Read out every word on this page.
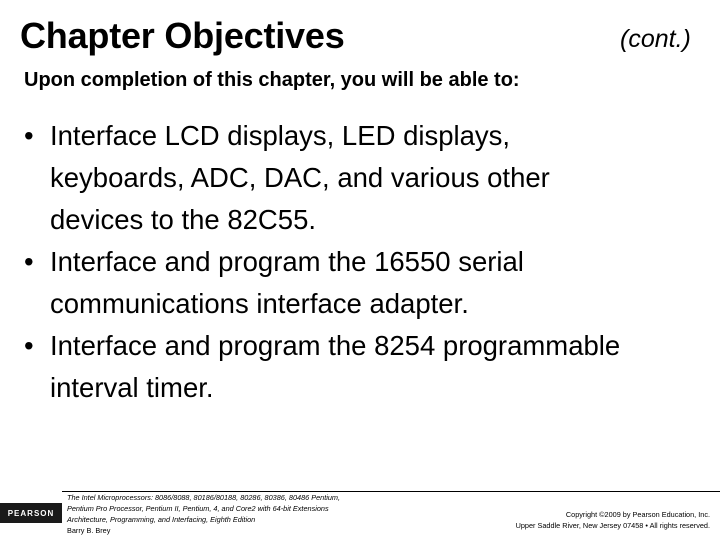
Chapter Objectives	(cont.)
Upon completion of this chapter, you will be able to:
• Interface LCD displays, LED displays,
keyboards, ADC, DAC, and various other
devices to the 82C55.
• Interface and program the 16550 serial
communications interface adapter.
• Interface and program the 8254 programmable
interval timer.
PEARSON
The Intel Microprocessors: 8086/8088, 80186/80188, 80286, 80386, 80486 Pentium,
Pentium Pro Processor, Pentium II, Pentium, 4, and Core2 with 64-bit Extensions
Architecture, Programming, and Interfacing, Eighth Edition
Barry B. Brey
Copyright ©2009 by Pearson Education, Inc.
Upper Saddle River, New Jersey 07458 • All rights reserved.
